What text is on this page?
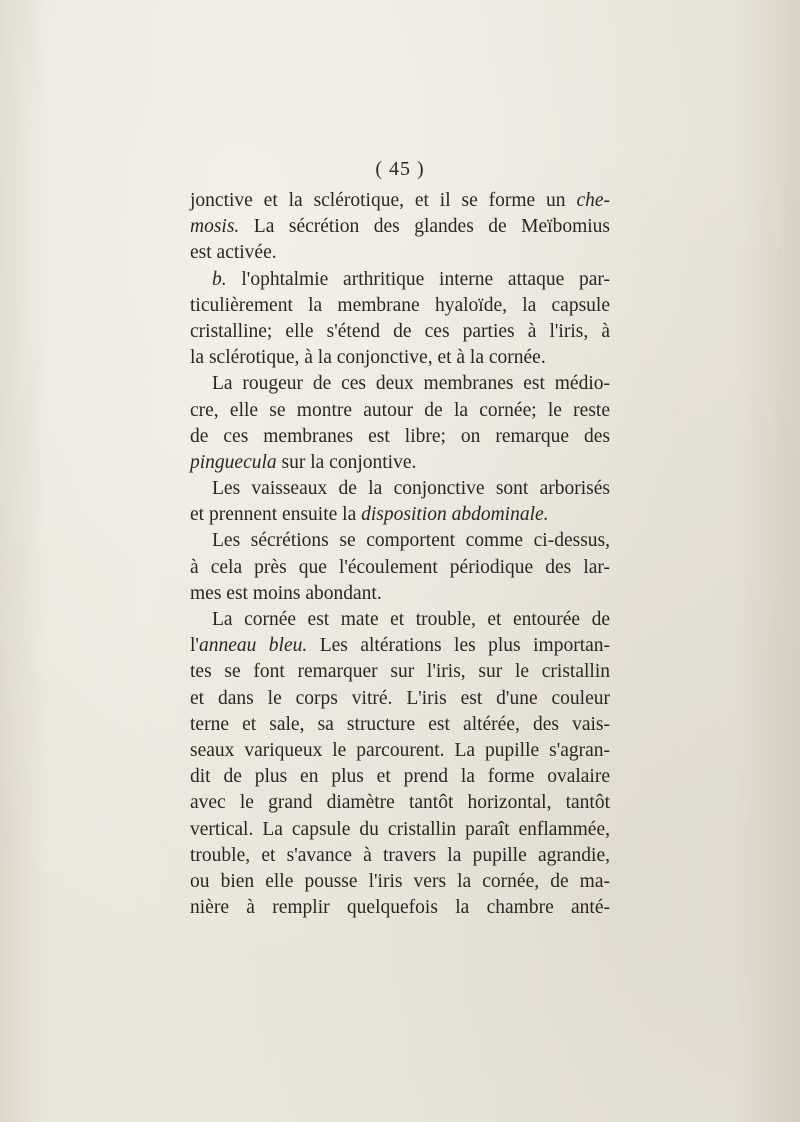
( 45 )
jonctive et la sclérotique, et il se forme un che-
mosis. La sécrétion des glandes de Meïbomius
est activée.
b. l'ophtalmie arthritique interne attaque par-
ticulièrement la membrane hyaloïde, la capsule
cristalline; elle s'étend de ces parties à l'iris, à
la sclérotique, à la conjonctive, et à la cornée.
La rougeur de ces deux membranes est médio-
cre, elle se montre autour de la cornée; le reste
de ces membranes est libre; on remarque des
pinguecula sur la conjontive.
Les vaisseaux de la conjonctive sont arborisés
et prennent ensuite la disposition abdominale.
Les sécrétions se comportent comme ci-dessus,
à cela près que l'écoulement périodique des lar-
mes est moins abondant.
La cornée est mate et trouble, et entourée de
l'anneau bleu. Les altérations les plus importan-
tes se font remarquer sur l'iris, sur le cristallin
et dans le corps vitré. L'iris est d'une couleur
terne et sale, sa structure est altérée, des vais-
seaux variqueux le parcourent. La pupille s'agran-
dit de plus en plus et prend la forme ovalaire
avec le grand diamètre tantôt horizontal, tantôt
vertical. La capsule du cristallin paraît enflammée,
trouble, et s'avance à travers la pupille agrandie,
ou bien elle pousse l'iris vers la cornée, de ma-
nière à remplir quelquefois la chambre anté-
